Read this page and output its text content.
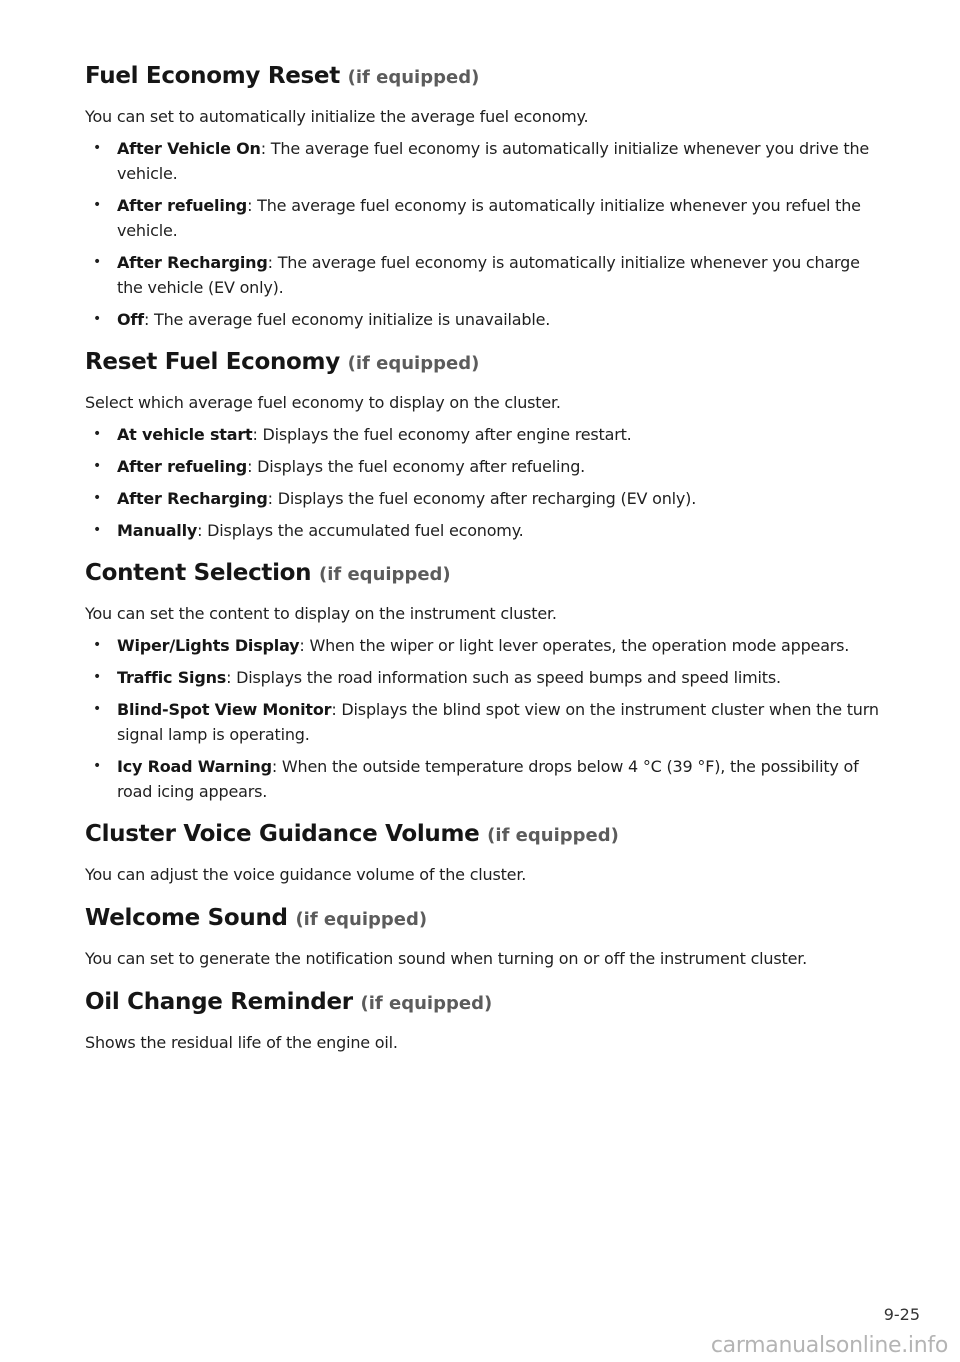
Fuel Economy Reset (if equipped)

You can set to automatically initialize the average fuel economy.

• After Vehicle On: The average fuel economy is automatically initialize whenever you drive the vehicle.
• After refueling: The average fuel economy is automatically initialize whenever you refuel the vehicle.
• After Recharging: The average fuel economy is automatically initialize whenever you charge the vehicle (EV only).
• Off: The average fuel economy initialize is unavailable.
Reset Fuel Economy (if equipped)

Select which average fuel economy to display on the cluster.

• At vehicle start: Displays the fuel economy after engine restart.
• After refueling: Displays the fuel economy after refueling.
• After Recharging: Displays the fuel economy after recharging (EV only).
• Manually: Displays the accumulated fuel economy.
Content Selection (if equipped)

You can set the content to display on the instrument cluster.

• Wiper/Lights Display: When the wiper or light lever operates, the operation mode appears.
• Traffic Signs: Displays the road information such as speed bumps and speed limits.
• Blind-Spot View Monitor: Displays the blind spot view on the instrument cluster when the turn signal lamp is operating.
• Icy Road Warning: When the outside temperature drops below 4 °C (39 °F), the possibility of road icing appears.
Cluster Voice Guidance Volume (if equipped)

You can adjust the voice guidance volume of the cluster.

Welcome Sound (if equipped)

You can set to generate the notification sound when turning on or off the instrument cluster.

Oil Change Reminder (if equipped)

Shows the residual life of the engine oil.

9-25
carmanualsonline.info
